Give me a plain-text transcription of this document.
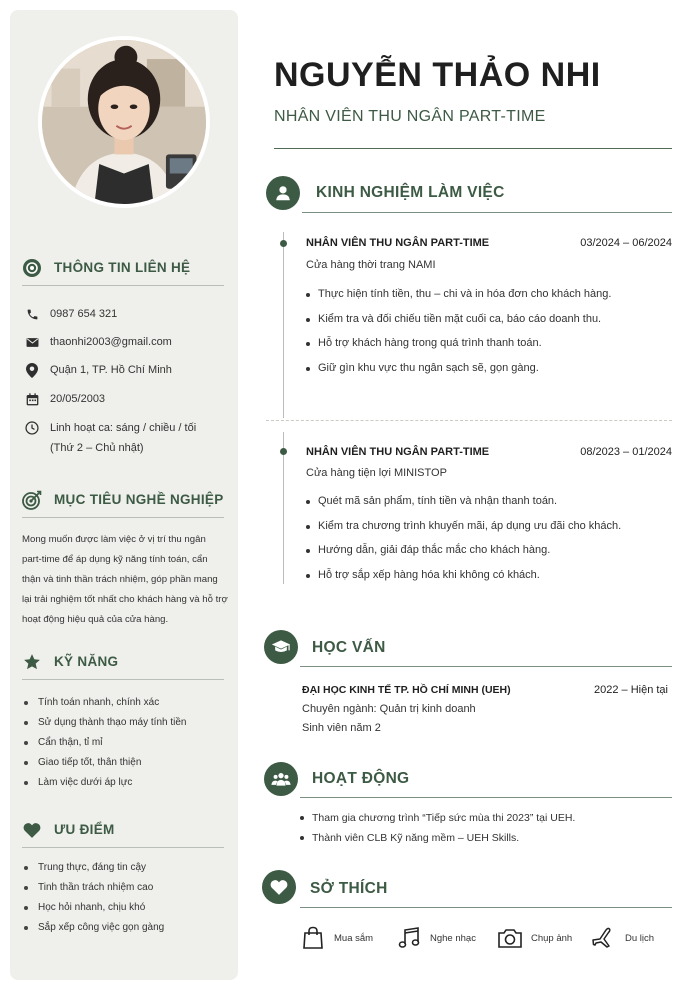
THÔNG TIN LIÊN HỆ
0987 654 321
thaonhi2003@gmail.com
Quận 1, TP. Hồ Chí Minh
20/05/2003
Linh hoạt ca: sáng / chiều / tối
(Thứ 2 – Chủ nhật)
MỤC TIÊU NGHỀ NGHIỆP
Mong muốn được làm việc ở vị trí thu ngân part-time để áp dụng kỹ năng tính toán, cẩn thận và tinh thần trách nhiệm, góp phần mang lại trải nghiệm tốt nhất cho khách hàng và hỗ trợ hoạt động hiệu quả của cửa hàng.
KỸ NĂNG
Tính toán nhanh, chính xác
Sử dụng thành thạo máy tính tiền
Cẩn thận, tỉ mỉ
Giao tiếp tốt, thân thiện
Làm việc dưới áp lực
ƯU ĐIỂM
Trung thực, đáng tin cậy
Tinh thần trách nhiệm cao
Học hỏi nhanh, chịu khó
Sắp xếp công việc gọn gàng
NGUYỄN THẢO NHI
NHÂN VIÊN THU NGÂN PART-TIME
KINH NGHIỆM LÀM VIỆC
NHÂN VIÊN THU NGÂN PART-TIME	03/2024 – 06/2024
Cửa hàng thời trang NAMI
Thực hiện tính tiền, thu – chi và in hóa đơn cho khách hàng.
Kiểm tra và đối chiếu tiền mặt cuối ca, báo cáo doanh thu.
Hỗ trợ khách hàng trong quá trình thanh toán.
Giữ gìn khu vực thu ngân sạch sẽ, gọn gàng.
NHÂN VIÊN THU NGÂN PART-TIME	08/2023 – 01/2024
Cửa hàng tiện lợi MINISTOP
Quét mã sản phẩm, tính tiền và nhận thanh toán.
Kiểm tra chương trình khuyến mãi, áp dụng ưu đãi cho khách.
Hướng dẫn, giải đáp thắc mắc cho khách hàng.
Hỗ trợ sắp xếp hàng hóa khi không có khách.
HỌC VẤN
ĐẠI HỌC KINH TẾ TP. HỒ CHÍ MINH (UEH)	2022 – Hiện tại
Chuyên ngành: Quản trị kinh doanh
Sinh viên năm 2
HOẠT ĐỘNG
Tham gia chương trình “Tiếp sức mùa thi 2023” tại UEH.
Thành viên CLB Kỹ năng mềm – UEH Skills.
SỞ THÍCH
Mua sắm	Nghe nhạc	Chụp ảnh	Du lịch
